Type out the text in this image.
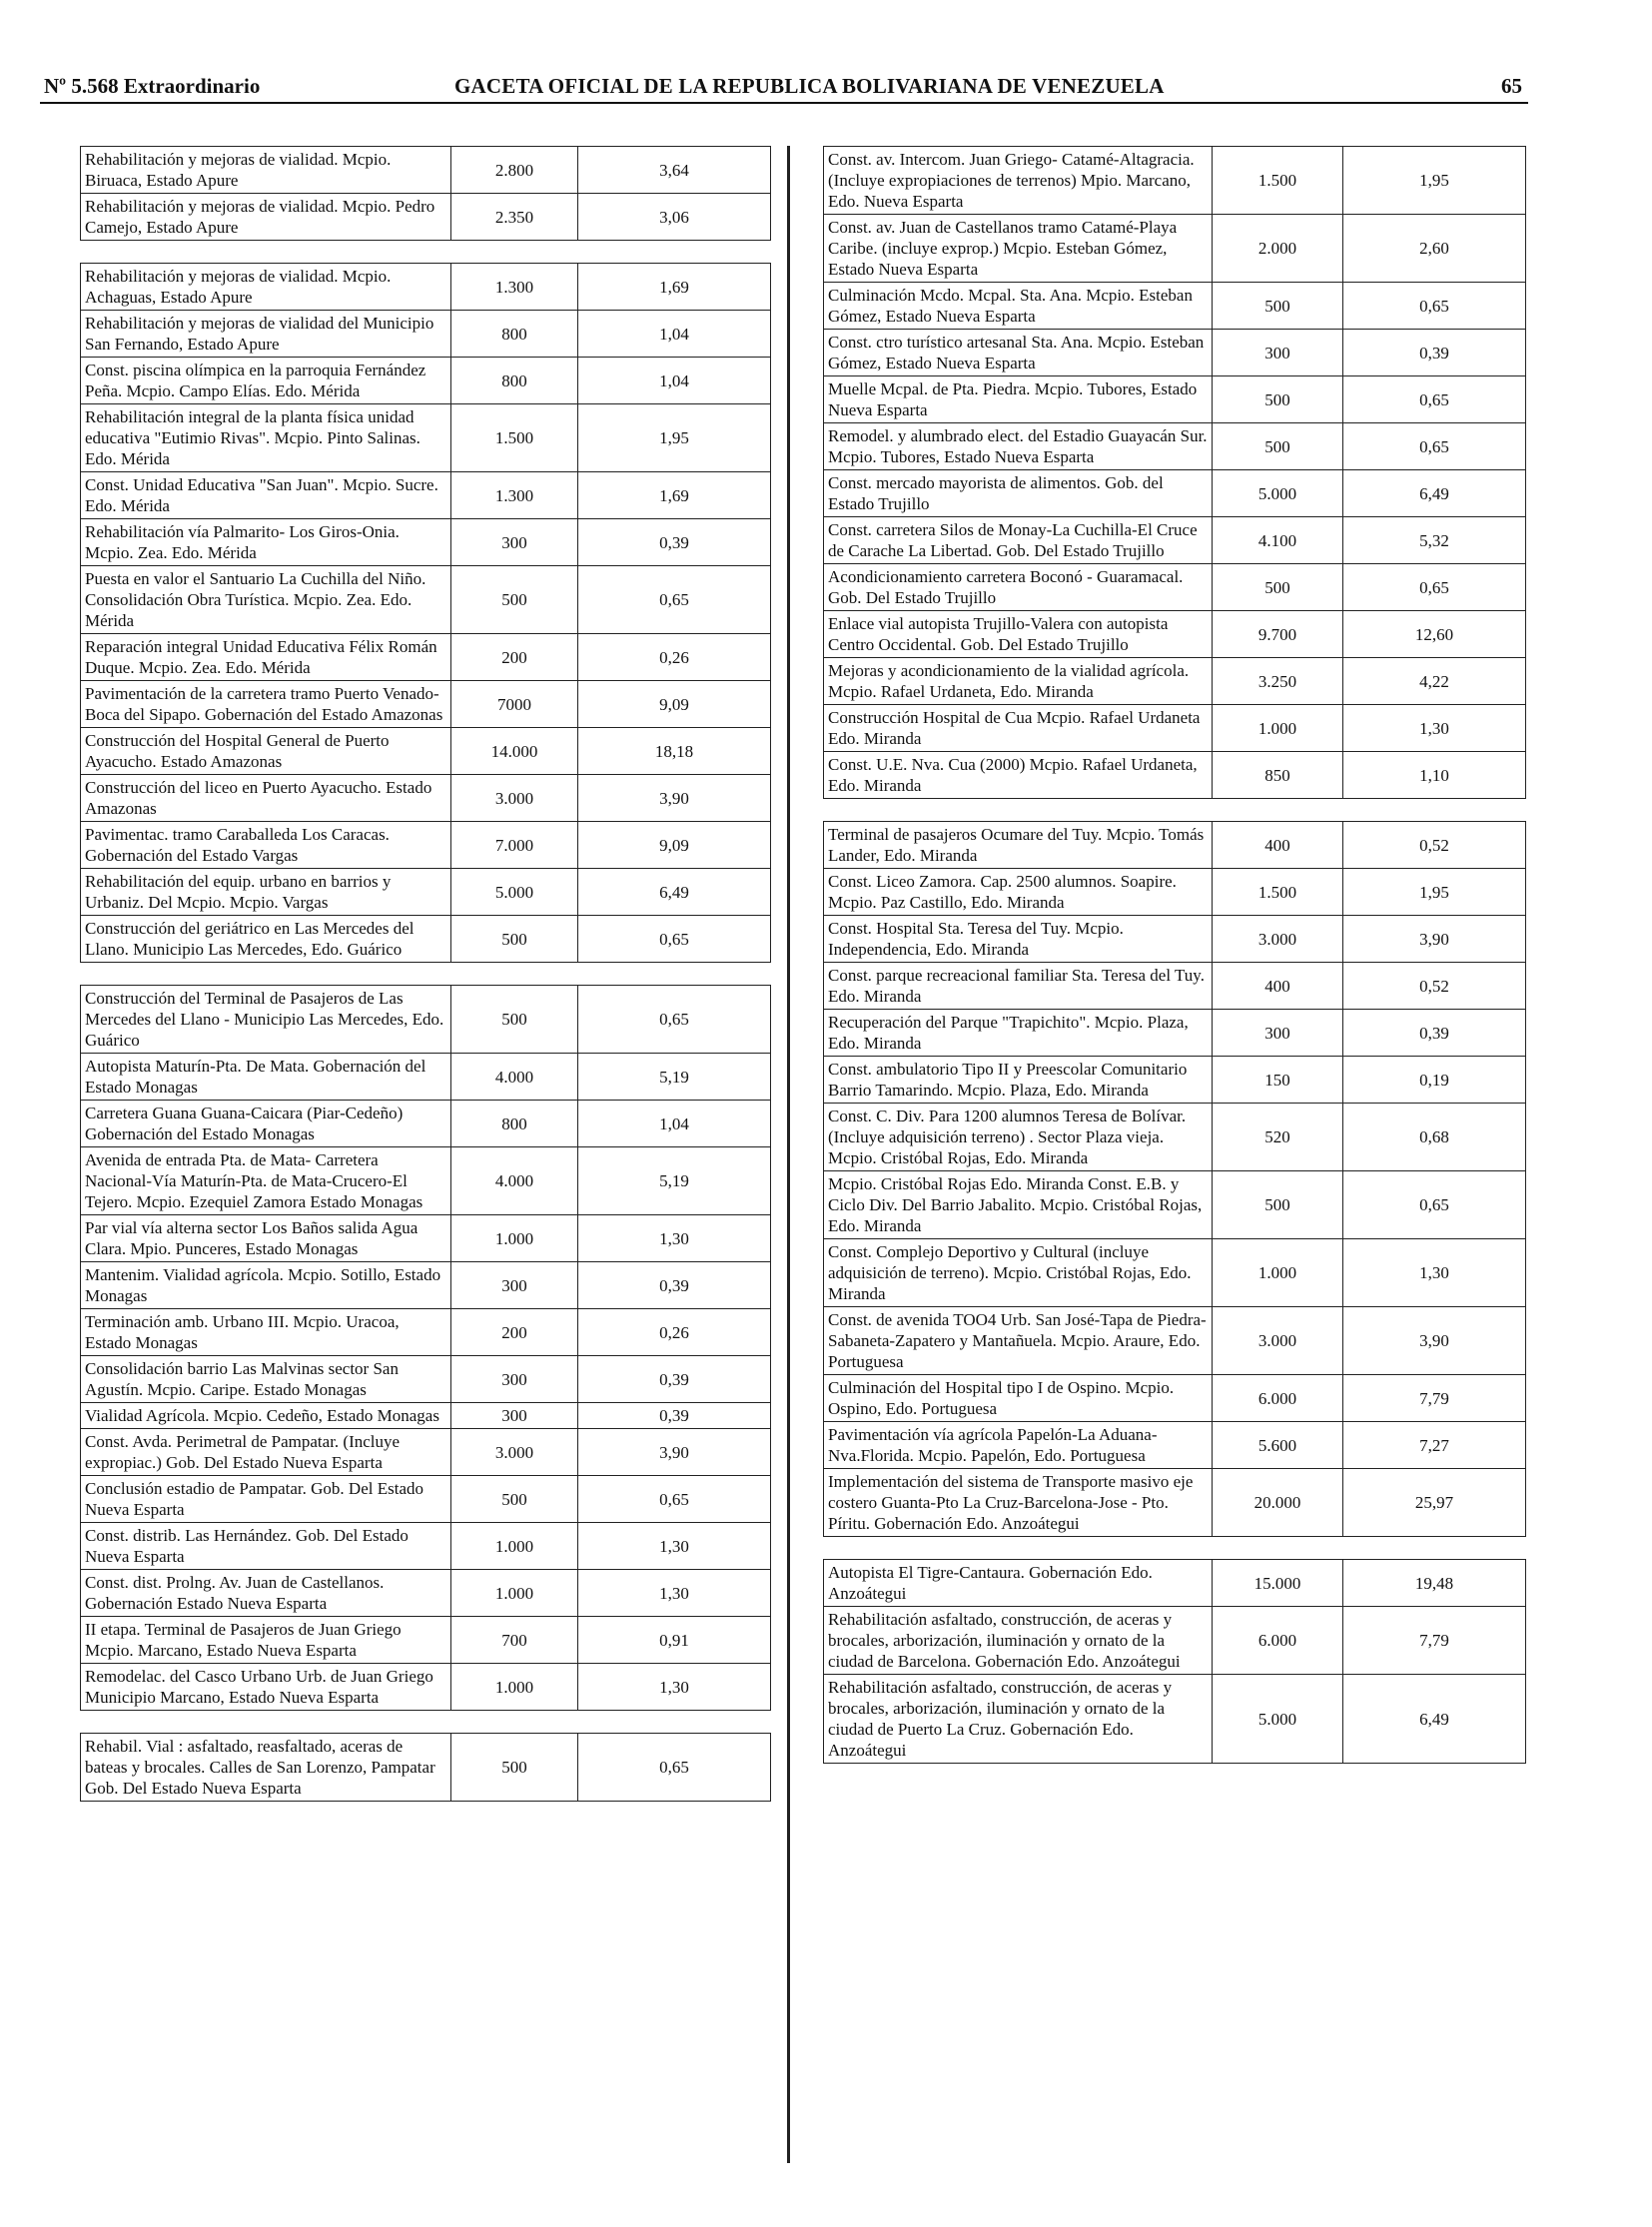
Nº 5.568 Extraordinario	GACETA OFICIAL DE LA REPUBLICA BOLIVARIANA DE VENEZUELA	65
Rehabilitación y mejoras de vialidad. Mcpio. Biruaca, Estado Apure	2.800	3,64
Rehabilitación y mejoras de vialidad. Mcpio. Pedro Camejo, Estado Apure	2.350	3,06
Rehabilitación y mejoras de vialidad. Mcpio. Achaguas, Estado Apure	1.300	1,69
Rehabilitación y mejoras de vialidad del Municipio San Fernando, Estado Apure	800	1,04
Const. piscina olímpica en la parroquia Fernández Peña. Mcpio. Campo Elías. Edo. Mérida	800	1,04
Rehabilitación integral de la planta física unidad educativa "Eutimio Rivas". Mcpio. Pinto Salinas. Edo. Mérida	1.500	1,95
Const. Unidad Educativa "San Juan". Mcpio. Sucre. Edo. Mérida	1.300	1,69
Rehabilitación vía Palmarito- Los Giros-Onia. Mcpio. Zea. Edo. Mérida	300	0,39
Puesta en valor el Santuario La Cuchilla del Niño. Consolidación Obra Turística. Mcpio. Zea. Edo. Mérida	500	0,65
Reparación integral Unidad Educativa Félix Román Duque. Mcpio. Zea. Edo. Mérida	200	0,26
Pavimentación de la carretera tramo Puerto Venado-Boca del Sipapo. Gobernación del Estado Amazonas	7000	9,09
Construcción del Hospital General de Puerto Ayacucho. Estado Amazonas	14.000	18,18
Construcción del liceo en Puerto Ayacucho. Estado Amazonas	3.000	3,90
Pavimentac. tramo Caraballeda Los Caracas. Gobernación del Estado Vargas	7.000	9,09
Rehabilitación del equip. urbano en barrios y Urbaniz. Del Mcpio. Mcpio. Vargas	5.000	6,49
Construcción del geriátrico en Las Mercedes del Llano. Municipio Las Mercedes, Edo. Guárico	500	0,65
Construcción del Terminal de Pasajeros de Las Mercedes del Llano - Municipio Las Mercedes, Edo. Guárico	500	0,65
Autopista Maturín-Pta. De Mata. Gobernación del Estado Monagas	4.000	5,19
Carretera Guana Guana-Caicara (Piar-Cedeño) Gobernación del Estado Monagas	800	1,04
Avenida de entrada Pta. de Mata- Carretera Nacional-Vía Maturín-Pta. de Mata-Crucero-El Tejero. Mcpio. Ezequiel Zamora Estado Monagas	4.000	5,19
Par vial vía alterna sector Los Baños salida Agua Clara. Mpio. Punceres, Estado Monagas	1.000	1,30
Mantenim. Vialidad agrícola. Mcpio. Sotillo, Estado Monagas	300	0,39
Terminación amb. Urbano III. Mcpio. Uracoa, Estado Monagas	200	0,26
Consolidación barrio Las Malvinas sector San Agustín. Mcpio. Caripe. Estado Monagas	300	0,39
Vialidad Agrícola. Mcpio. Cedeño, Estado Monagas	300	0,39
Const. Avda. Perimetral de Pampatar. (Incluye expropiac.) Gob. Del Estado Nueva Esparta	3.000	3,90
Conclusión estadio de Pampatar. Gob. Del Estado Nueva Esparta	500	0,65
Const. distrib. Las Hernández. Gob. Del Estado Nueva Esparta	1.000	1,30
Const. dist. Prolng. Av. Juan de Castellanos. Gobernación Estado Nueva Esparta	1.000	1,30
II etapa. Terminal de Pasajeros de Juan Griego Mcpio. Marcano, Estado Nueva Esparta	700	0,91
Remodelac. del Casco Urbano Urb. de Juan Griego Municipio Marcano, Estado Nueva Esparta	1.000	1,30
Rehabil. Vial : asfaltado, reasfaltado, aceras de bateas y brocales. Calles de San Lorenzo, Pampatar Gob. Del Estado Nueva Esparta	500	0,65
Const. av. Intercom. Juan Griego- Catamé-Altagracia.(Incluye expropiaciones de terrenos) Mpio. Marcano, Edo. Nueva Esparta	1.500	1,95
Const. av. Juan de Castellanos tramo Catamé-Playa Caribe. (incluye exprop.) Mcpio. Esteban Gómez, Estado Nueva Esparta	2.000	2,60
Culminación Mcdo. Mcpal. Sta. Ana. Mcpio. Esteban Gómez, Estado Nueva Esparta	500	0,65
Const. ctro turístico artesanal Sta. Ana. Mcpio. Esteban Gómez, Estado Nueva Esparta	300	0,39
Muelle Mcpal. de Pta. Piedra. Mcpio. Tubores, Estado Nueva Esparta	500	0,65
Remodel. y alumbrado elect. del Estadio Guayacán Sur. Mcpio. Tubores, Estado Nueva Esparta	500	0,65
Const. mercado mayorista de alimentos. Gob. del Estado Trujillo	5.000	6,49
Const. carretera Silos de Monay-La Cuchilla-El Cruce de Carache La Libertad. Gob. Del Estado Trujillo	4.100	5,32
Acondicionamiento carretera Boconó - Guaramacal. Gob. Del Estado Trujillo	500	0,65
Enlace vial autopista Trujillo-Valera con autopista Centro Occidental. Gob. Del Estado Trujillo	9.700	12,60
Mejoras y acondicionamiento de la vialidad agrícola. Mcpio. Rafael Urdaneta, Edo. Miranda	3.250	4,22
Construcción Hospital de Cua Mcpio. Rafael Urdaneta Edo. Miranda	1.000	1,30
Const. U.E. Nva. Cua (2000) Mcpio. Rafael Urdaneta, Edo. Miranda	850	1,10
Terminal de pasajeros Ocumare del Tuy. Mcpio. Tomás Lander, Edo. Miranda	400	0,52
Const. Liceo Zamora. Cap. 2500 alumnos. Soapire. Mcpio. Paz Castillo, Edo. Miranda	1.500	1,95
Const. Hospital Sta. Teresa del Tuy. Mcpio. Independencia, Edo. Miranda	3.000	3,90
Const. parque recreacional familiar Sta. Teresa del Tuy. Edo. Miranda	400	0,52
Recuperación del Parque "Trapichito". Mcpio. Plaza, Edo. Miranda	300	0,39
Const. ambulatorio Tipo II y Preescolar Comunitario Barrio Tamarindo. Mcpio. Plaza, Edo. Miranda	150	0,19
Const. C. Div. Para 1200 alumnos Teresa de Bolívar.(Incluye adquisición terreno) . Sector Plaza vieja. Mcpio. Cristóbal Rojas, Edo. Miranda	520	0,68
Mcpio. Cristóbal Rojas Edo. Miranda Const. E.B. y Ciclo Div. Del Barrio Jabalito. Mcpio. Cristóbal Rojas, Edo. Miranda	500	0,65
Const. Complejo Deportivo y Cultural (incluye adquisición de terreno). Mcpio. Cristóbal Rojas, Edo. Miranda	1.000	1,30
Const. de avenida TOO4 Urb. San José-Tapa de Piedra-Sabaneta-Zapatero y Mantañuela. Mcpio. Araure, Edo. Portuguesa	3.000	3,90
Culminación del Hospital tipo I de Ospino. Mcpio. Ospino, Edo. Portuguesa	6.000	7,79
Pavimentación vía agrícola Papelón-La Aduana-Nva.Florida. Mcpio. Papelón, Edo. Portuguesa	5.600	7,27
Implementación del sistema de Transporte masivo eje costero Guanta-Pto La Cruz-Barcelona-Jose - Pto. Píritu. Gobernación Edo. Anzoátegui	20.000	25,97
Autopista El Tigre-Cantaura. Gobernación Edo. Anzoátegui	15.000	19,48
Rehabilitación asfaltado, construcción, de aceras y brocales, arborización, iluminación y ornato de la ciudad de Barcelona. Gobernación Edo. Anzoátegui	6.000	7,79
Rehabilitación asfaltado, construcción, de aceras y brocales, arborización, iluminación y ornato de la ciudad de Puerto La Cruz. Gobernación Edo. Anzoátegui	5.000	6,49
